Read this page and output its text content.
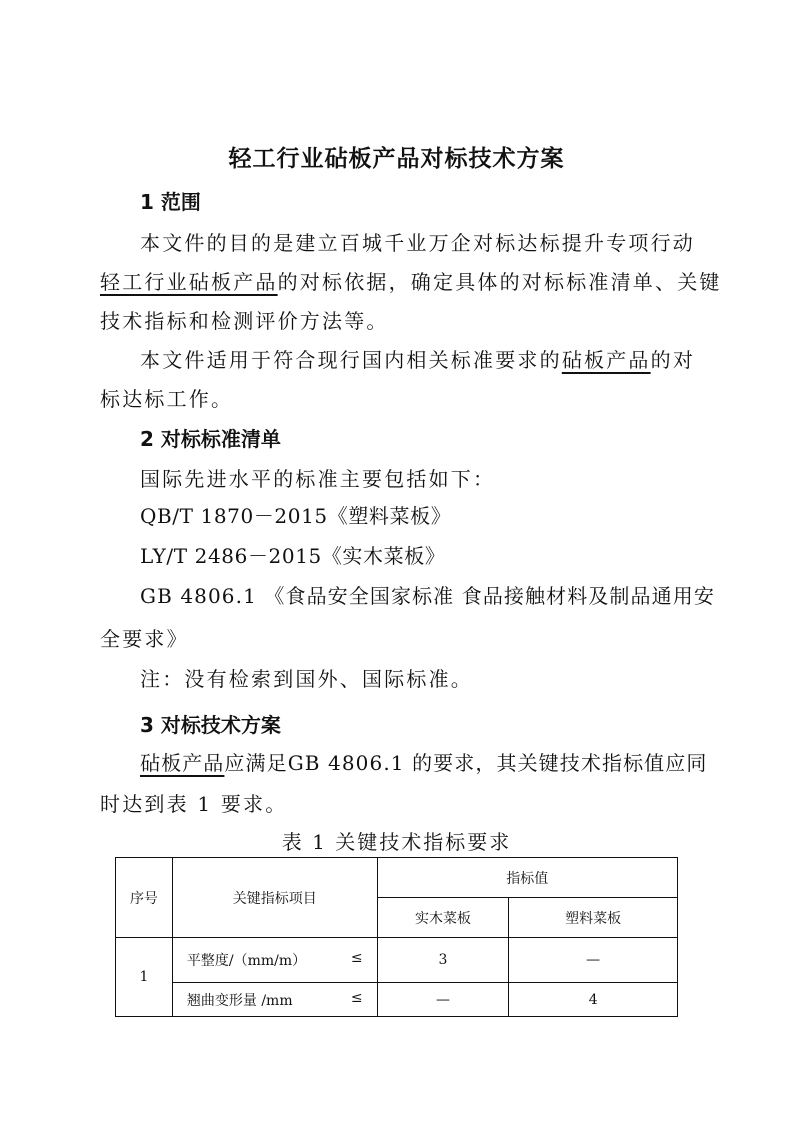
轻工行业砧板产品对标技术方案
1 范围
本文件的目的是建立百城千业万企对标达标提升专项行动
轻工行业砧板产品的对标依据，确定具体的对标标准清单、关键
技术指标和检测评价方法等。
本文件适用于符合现行国内相关标准要求的砧板产品的对
标达标工作。
2 对标标准清单
国际先进水平的标准主要包括如下：
QB/T 1870－2015《塑料菜板》
LY/T 2486－2015《实木菜板》
GB 4806.1 《食品安全国家标准 食品接触材料及制品通用安
全要求》
注：没有检索到国外、国际标准。
3 对标技术方案
砧板产品应满足GB 4806.1 的要求，其关键技术指标值应同
时达到表 1 要求。
表 1 关键技术指标要求
序号	关键指标项目	指标值	
		实木菜板	塑料菜板
1	平整度/（mm/m） ≤	3	—
	翘曲变形量 /mm ≤	—	4
